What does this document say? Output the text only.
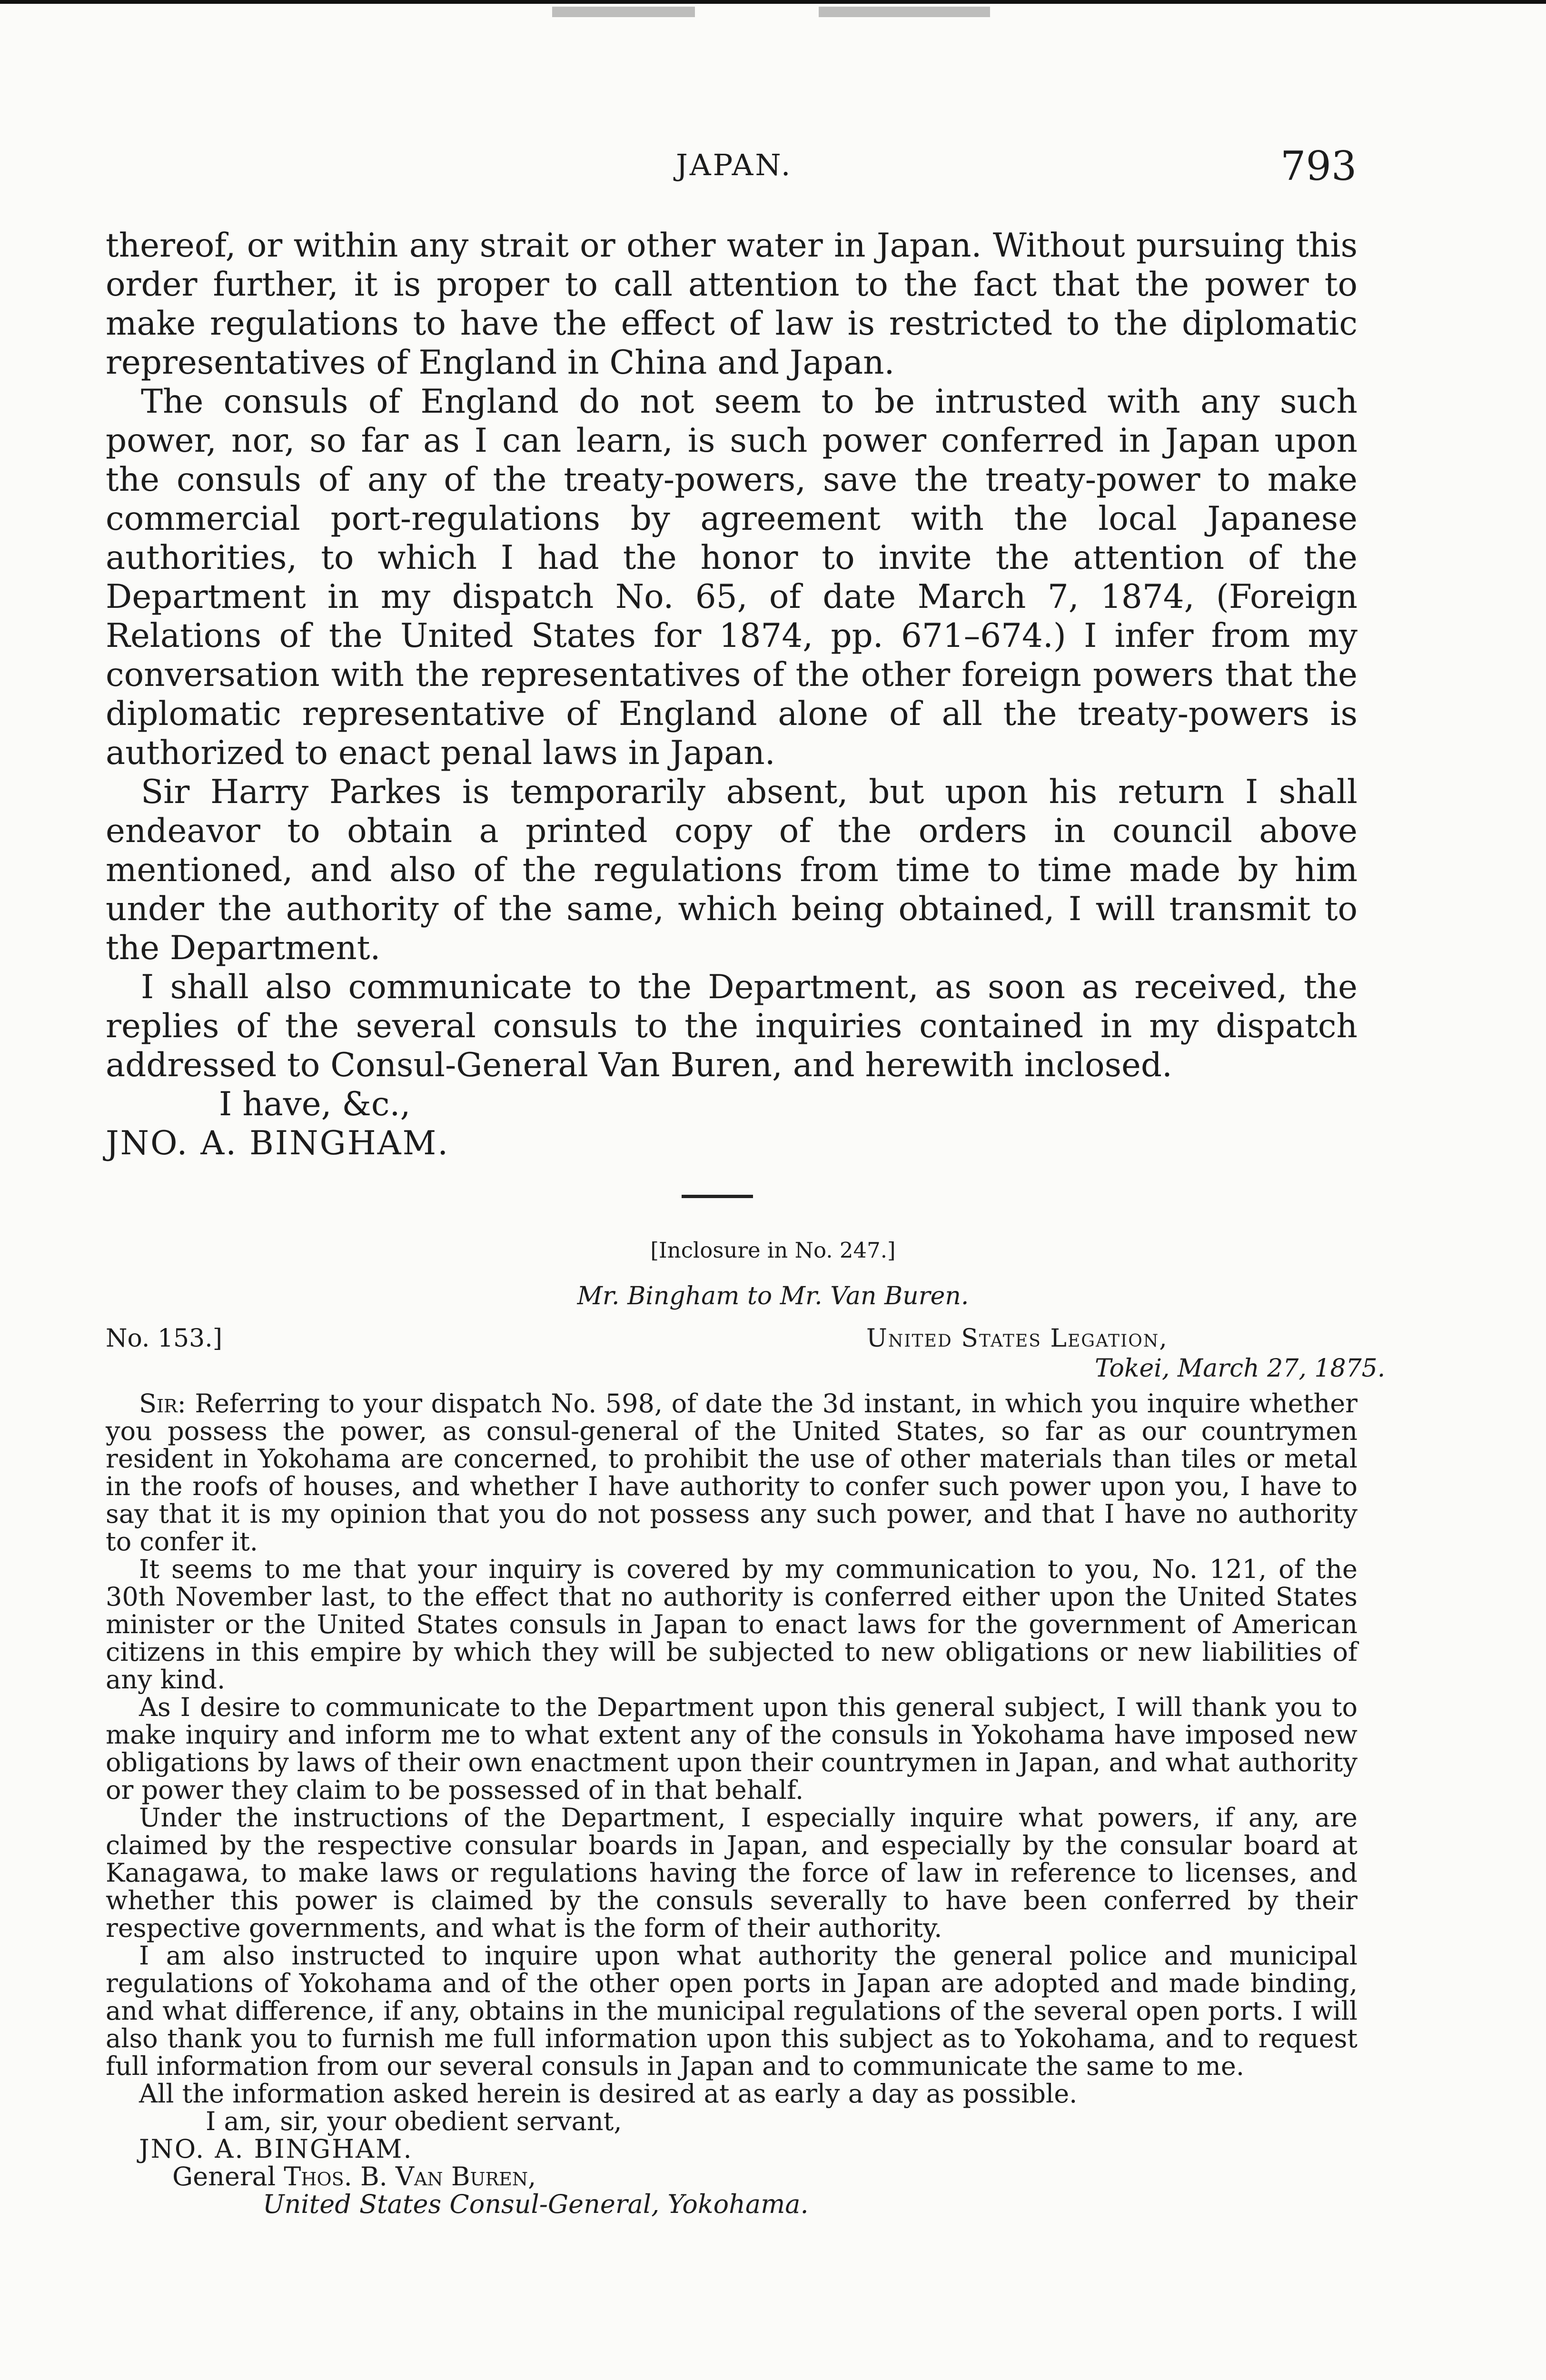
JAPAN.	793

thereof, or within any strait or other water in Japan. Without pursuing this order further, it is proper to call attention to the fact that the power to make regulations to have the effect of law is restricted to the diplomatic representatives of England in China and Japan.

The consuls of England do not seem to be intrusted with any such power, nor, so far as I can learn, is such power conferred in Japan upon the consuls of any of the treaty-powers, save the treaty-power to make commercial port-regulations by agreement with the local Japanese authorities, to which I had the honor to invite the attention of the Department in my dispatch No. 65, of date March 7, 1874, (Foreign Relations of the United States for 1874, pp. 671–674.) I infer from my conversation with the representatives of the other foreign powers that the diplomatic representative of England alone of all the treaty-powers is authorized to enact penal laws in Japan.

Sir Harry Parkes is temporarily absent, but upon his return I shall endeavor to obtain a printed copy of the orders in council above mentioned, and also of the regulations from time to time made by him under the authority of the same, which being obtained, I will transmit to the Department.

I shall also communicate to the Department, as soon as received, the replies of the several consuls to the inquiries contained in my dispatch addressed to Consul-General Van Buren, and herewith inclosed.

I have, &c.,

JNO. A. BINGHAM.

[Inclosure in No. 247.]
Mr. Bingham to Mr. Van Buren.
No. 153.]	United States Legation,
Tokei, March 27, 1875.

Sir: Referring to your dispatch No. 598, of date the 3d instant, in which you inquire whether you possess the power, as consul-general of the United States, so far as our countrymen resident in Yokohama are concerned, to prohibit the use of other materials than tiles or metal in the roofs of houses, and whether I have authority to confer such power upon you, I have to say that it is my opinion that you do not possess any such power, and that I have no authority to confer it.

It seems to me that your inquiry is covered by my communication to you, No. 121, of the 30th November last, to the effect that no authority is conferred either upon the United States minister or the United States consuls in Japan to enact laws for the government of American citizens in this empire by which they will be subjected to new obligations or new liabilities of any kind.

As I desire to communicate to the Department upon this general subject, I will thank you to make inquiry and inform me to what extent any of the consuls in Yokohama have imposed new obligations by laws of their own enactment upon their countrymen in Japan, and what authority or power they claim to be possessed of in that behalf.

Under the instructions of the Department, I especially inquire what powers, if any, are claimed by the respective consular boards in Japan, and especially by the consular board at Kanagawa, to make laws or regulations having the force of law in reference to licenses, and whether this power is claimed by the consuls severally to have been conferred by their respective governments, and what is the form of their authority.

I am also instructed to inquire upon what authority the general police and municipal regulations of Yokohama and of the other open ports in Japan are adopted and made binding, and what difference, if any, obtains in the municipal regulations of the several open ports. I will also thank you to furnish me full information upon this subject as to Yokohama, and to request full information from our several consuls in Japan and to communicate the same to me.

All the information asked herein is desired at as early a day as possible.

I am, sir, your obedient servant,

JNO. A. BINGHAM.

General Thos. B. Van Buren,

United States Consul-General, Yokohama.
